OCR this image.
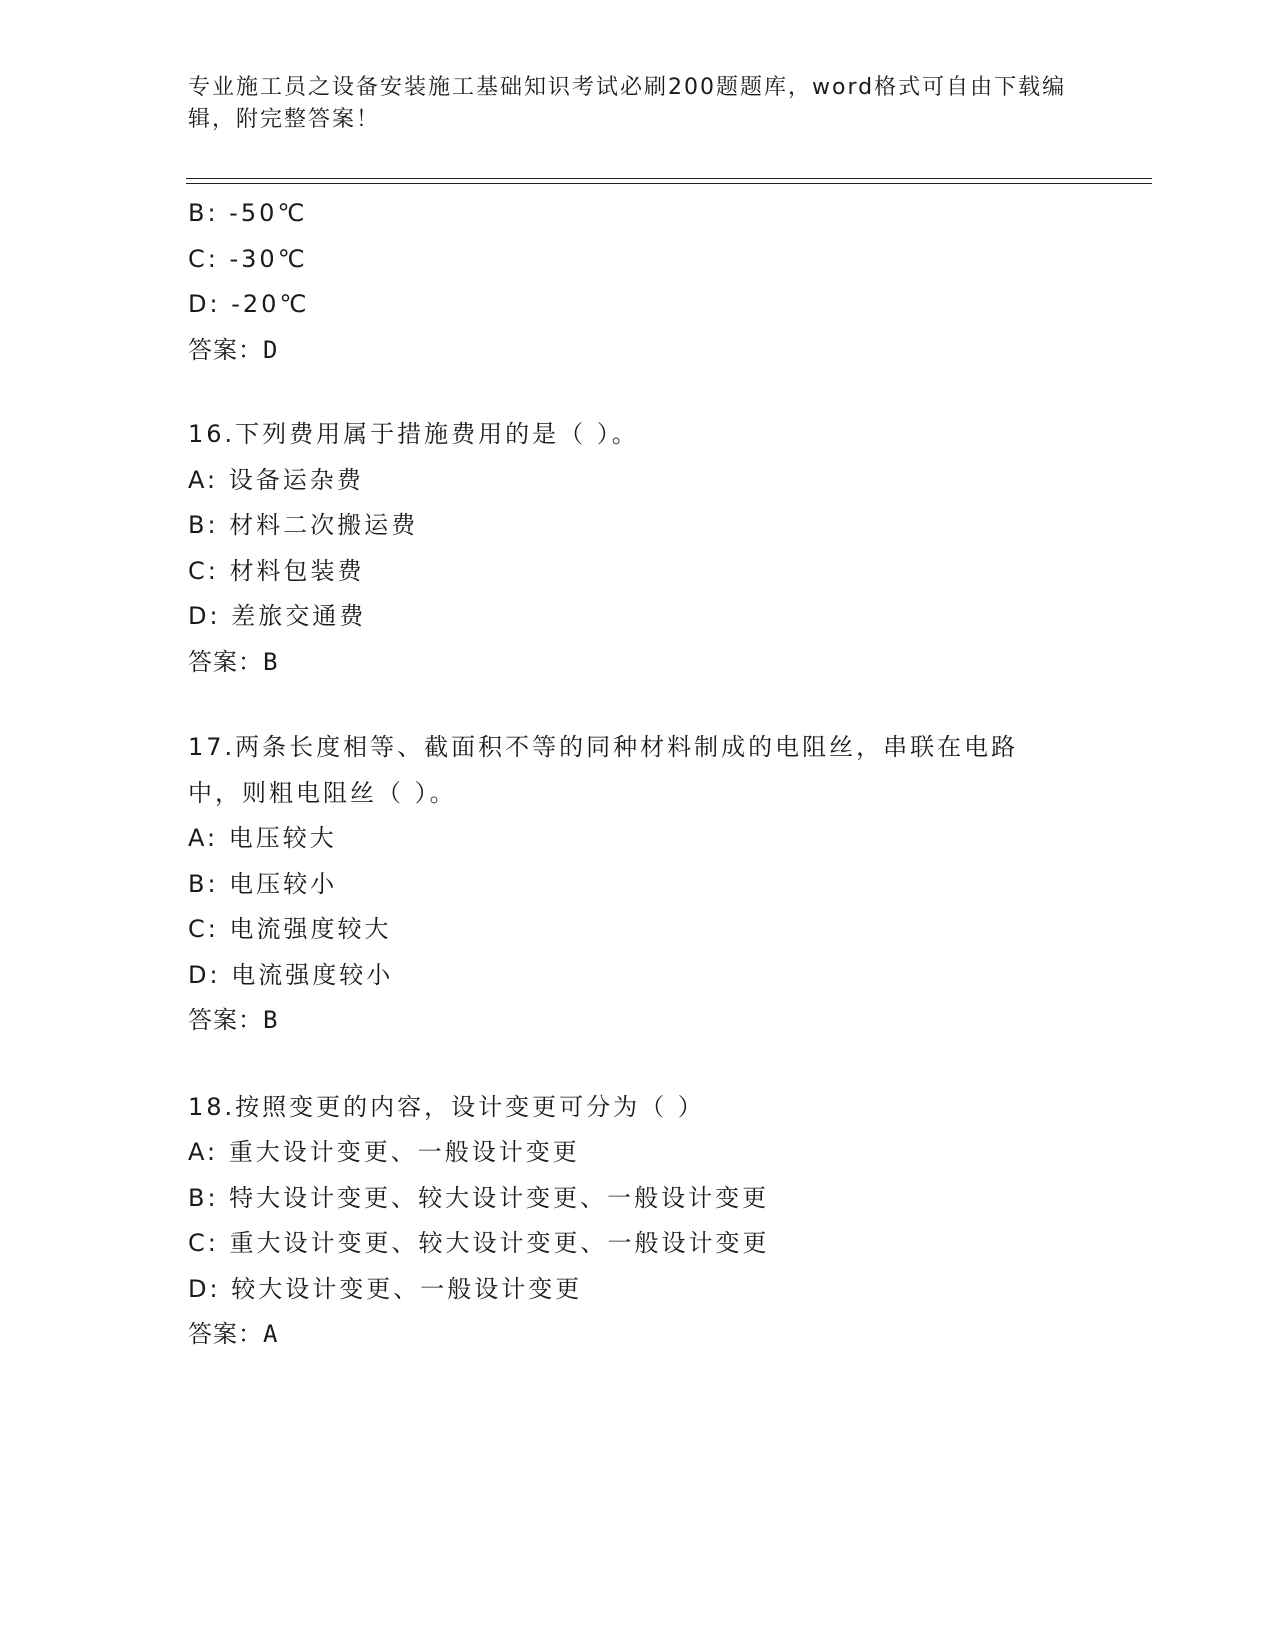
专业施工员之设备安装施工基础知识考试必刷200题题库，word格式可自由下载编辑，附完整答案！
B: -50℃
C: -30℃
D: -20℃
答案：D
16.下列费用属于措施费用的是（ ）。
A: 设备运杂费
B: 材料二次搬运费
C: 材料包装费
D: 差旅交通费
答案：B
17.两条长度相等、截面积不等的同种材料制成的电阻丝，串联在电路中，则粗电阻丝（ ）。
A: 电压较大
B: 电压较小
C: 电流强度较大
D: 电流强度较小
答案：B
18.按照变更的内容，设计变更可分为（ ）
A: 重大设计变更、一般设计变更
B: 特大设计变更、较大设计变更、一般设计变更
C: 重大设计变更、较大设计变更、一般设计变更
D: 较大设计变更、一般设计变更
答案：A
